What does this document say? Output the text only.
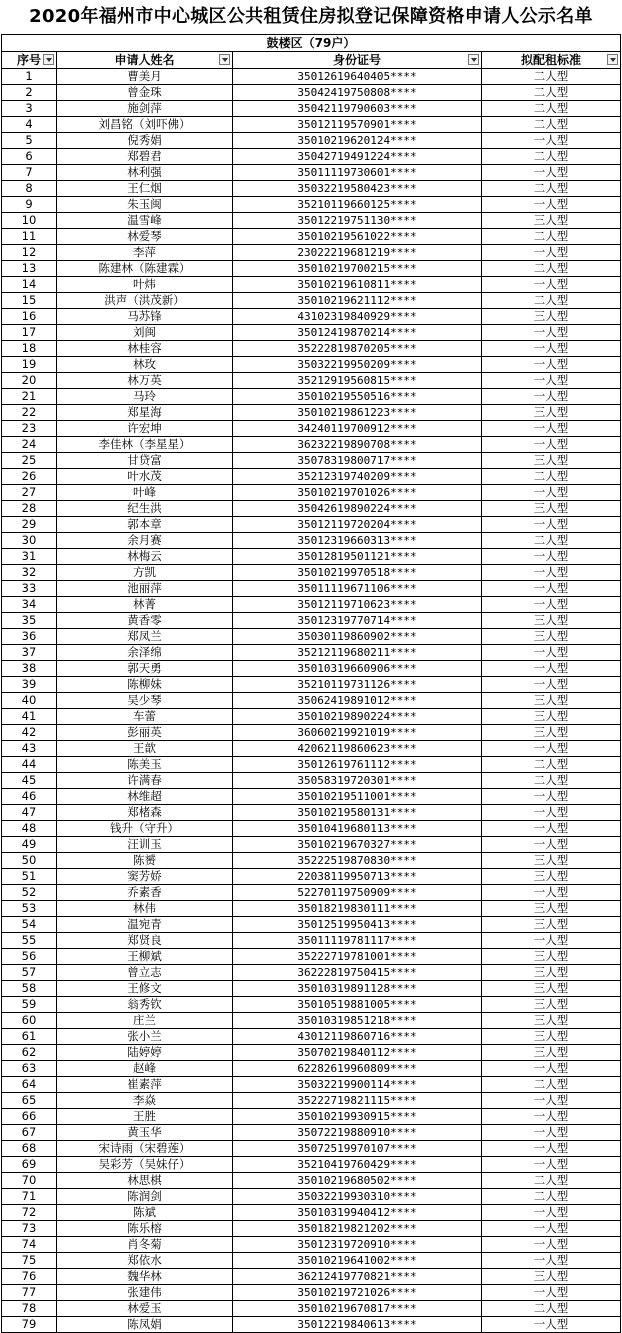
2020年福州市中心城区公共租赁住房拟登记保障资格申请人公示名单
鼓楼区（79户）			
序号	申请人姓名	身份证号	拟配租标准

1	曹美月	35012619640405****	二人型
2	曾金珠	35042419750808****	二人型
3	施剑萍	35042119790603****	二人型
4	刘昌铭（刘吓佛）	35012119570901****	二人型
5	倪秀娟	35010219620124****	一人型
6	郑碧君	35042719491224****	二人型
7	林利强	35011119730601****	一人型
8	王仁烟	35032219580423****	二人型
9	朱玉闽	35210119660125****	一人型
10	温雪峰	35012219751130****	三人型
11	林爱琴	35010219561022****	二人型
12	李萍	23022219681219****	一人型
13	陈建林（陈建霖）	35010219700215****	二人型
14	叶炜	35010219610811****	一人型
15	洪声（洪茂新）	35010219621112****	二人型
16	马苏锋	43102319840929****	三人型
17	刘闽	35012419870214****	一人型
18	林桂容	35222819870205****	一人型
19	林玫	35032219950209****	一人型
20	林万英	35212919560815****	一人型
21	马玲	35010219550516****	一人型
22	郑星海	35010219861223****	三人型
23	许宏坤	34240119700912****	一人型
24	李佳林（李星星）	36232219890708****	一人型
25	甘贷富	35078319800717****	三人型
26	叶水茂	35212319740209****	二人型
27	叶峰	35010219701026****	一人型
28	纪生洪	35042619890224****	三人型
29	郭本章	35012119720204****	一人型
30	余月赛	35012319660313****	二人型
31	林梅云	35012819501121****	一人型
32	方凯	35010219970518****	一人型
33	池丽萍	35011119671106****	一人型
34	林菁	35012119710623****	一人型
35	黄香零	35012319770714****	三人型
36	郑凤兰	35030119860902****	三人型
37	余泽绵	35212119680211****	一人型
38	郭天勇	35010319660906****	一人型
39	陈柳妹	35210119731126****	一人型
40	吴少琴	35062419891012****	三人型
41	车蕾	35010219890224****	三人型
42	彭丽英	36060219921019****	三人型
43	王歆	42062119860623****	一人型
44	陈美玉	35012619761112****	二人型
45	许满春	35058319720301****	二人型
46	林维超	35010219511001****	一人型
47	郑楮森	35010219580131****	一人型
48	钱升（守升）	35010419680113****	一人型
49	汪训玉	35010219670327****	一人型
50	陈赟	35222519870830****	三人型
51	窦芳娇	22038119950713****	三人型
52	乔素香	52270119750909****	一人型
53	林伟	35018219830111****	三人型
54	温宛青	35012519950413****	三人型
55	郑贤良	35011119781117****	一人型
56	王柳斌	35222719781001****	三人型
57	曾立志	36222819750415****	三人型
58	王修文	35010319891128****	三人型
59	翁秀钦	35010519881005****	三人型
60	庄兰	35010319851218****	三人型
61	张小兰	43012119860716****	三人型
62	陆婷婷	35070219840112****	三人型
63	赵峰	62282619960809****	一人型
64	崔素萍	35032219900114****	二人型
65	李焱	35222719821115****	一人型
66	王胜	35010219930915****	一人型
67	黄玉华	35072219880910****	一人型
68	宋诗雨（宋碧莲）	35072519970107****	一人型
69	吴彩芳（吴妹仔）	35210419760429****	一人型
70	林思棋	35010219680502****	二人型
71	陈润剑	35032219930310****	二人型
72	陈斌	35010319940412****	一人型
73	陈乐榕	35018219821202****	一人型
74	肖冬菊	35012319720910****	一人型
75	郑依水	35010219641002****	一人型
76	魏华林	36212419770821****	三人型
77	张建伟	35010219721026****	一人型
78	林爱玉	35010219670817****	二人型
79	陈凤娟	35012219840613****	一人型
